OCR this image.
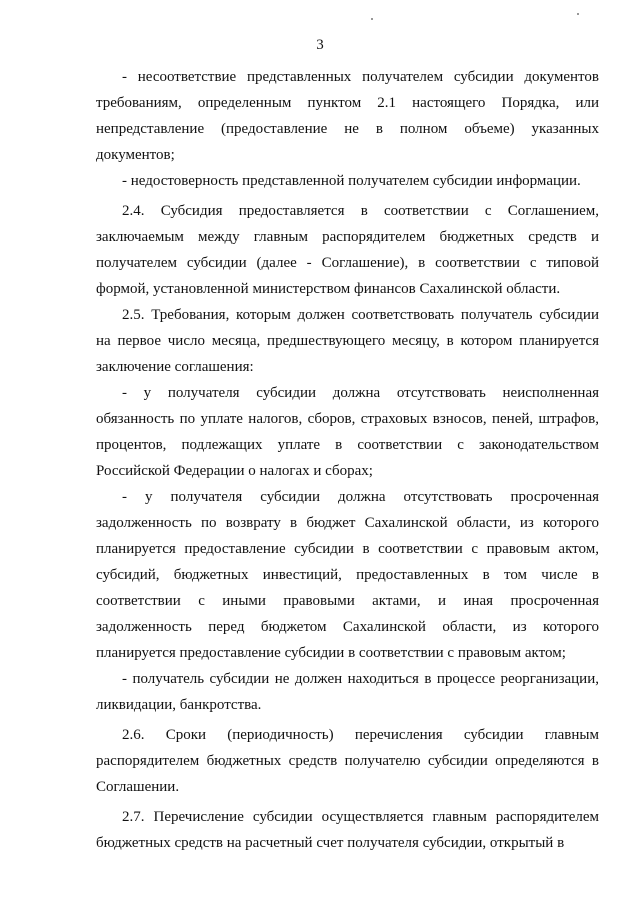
3

- несоответствие представленных получателем субсидии документов требованиям, определенным пунктом 2.1 настоящего Порядка, или непредставление (предоставление не в полном объеме) указанных документов;

- недостоверность представленной получателем субсидии информации.

2.4. Субсидия предоставляется в соответствии с Соглашением, заключаемым между главным распорядителем бюджетных средств и получателем субсидии (далее - Соглашение), в соответствии с типовой формой, установленной министерством финансов Сахалинской области.

2.5. Требования, которым должен соответствовать получатель субсидии на первое число месяца, предшествующего месяцу, в котором планируется заключение соглашения:

- у получателя субсидии должна отсутствовать неисполненная обязанность по уплате налогов, сборов, страховых взносов, пеней, штрафов, процентов, подлежащих уплате в соответствии с законодательством Российской Федерации о налогах и сборах;

- у получателя субсидии должна отсутствовать просроченная задолженность по возврату в бюджет Сахалинской области, из которого планируется предоставление субсидии в соответствии с правовым актом, субсидий, бюджетных инвестиций, предоставленных в том числе в соответствии с иными правовыми актами, и иная просроченная задолженность перед бюджетом Сахалинской области, из которого планируется предоставление субсидии в соответствии с правовым актом;

- получатель субсидии не должен находиться в процессе реорганизации, ликвидации, банкротства.

2.6. Сроки (периодичность) перечисления субсидии главным распорядителем бюджетных средств получателю субсидии определяются в Соглашении.

2.7. Перечисление субсидии осуществляется главным распорядителем бюджетных средств на расчетный счет получателя субсидии, открытый в
